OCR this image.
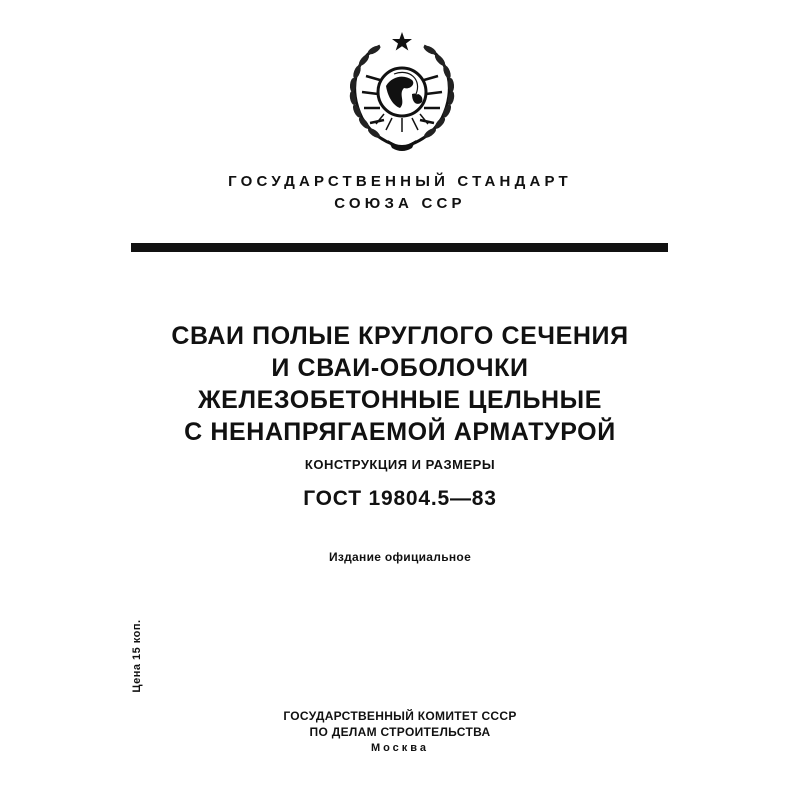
ГОСУДАРСТВЕННЫЙ СТАНДАРТ
СОЮЗА ССР
СВАИ ПОЛЫЕ КРУГЛОГО СЕЧЕНИЯ
И СВАИ-ОБОЛОЧКИ
ЖЕЛЕЗОБЕТОННЫЕ ЦЕЛЬНЫЕ
С НЕНАПРЯГАЕМОЙ АРМАТУРОЙ
КОНСТРУКЦИЯ И РАЗМЕРЫ
ГОСТ 19804.5—83
Издание официальное
Цена 15 коп.
ГОСУДАРСТВЕННЫЙ КОМИТЕТ СССР
ПО ДЕЛАМ СТРОИТЕЛЬСТВА
Москва
